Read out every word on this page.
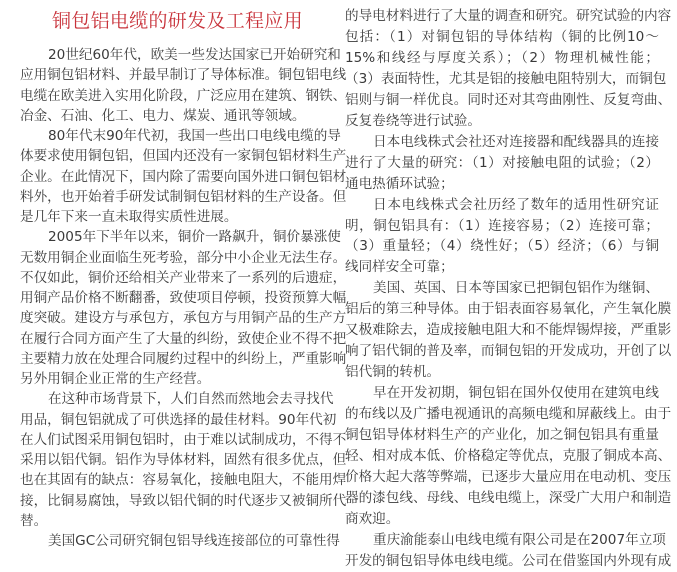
铜包铝电缆的研发及工程应用
20世纪60年代，欧美一些发达国家已开始研究和
应用铜包铝材料、并最早制订了导体标准。铜包铝电线
电缆在欧美进入实用化阶段，广泛应用在建筑、钢铁、
冶金、石油、化工、电力、煤炭、通讯等领域。
80年代末90年代初，我国一些出口电线电缆的导
体要求使用铜包铝，但国内还没有一家铜包铝材料生产
企业。在此情况下，国内除了需要向国外进口铜包铝材
料外，也开始着手研发试制铜包铝材料的生产设备。但
是几年下来一直未取得实质性进展。
2005年下半年以来，铜价一路飙升，铜价暴涨使
无数用铜企业面临生死考验，部分中小企业无法生存。
不仅如此，铜价还给相关产业带来了一系列的后遗症，
用铜产品价格不断翻番，致使项目停顿，投资预算大幅
度突破。建设方与承包方，承包方与用铜产品的生产方
在履行合同方面产生了大量的纠纷，致使企业不得不把
主要精力放在处理合同履约过程中的纠纷上，严重影响
另外用铜企业正常的生产经营。
在这种市场背景下，人们自然而然地会去寻找代
用品，铜包铝就成了可供选择的最佳材料。90年代初
在人们试图采用铜包铝时，由于难以试制成功，不得不
采用以铝代铜。铝作为导体材料，固然有很多优点，但
也在其固有的缺点：容易氧化，接触电阻大，不能用焊
接，比铜易腐蚀，导致以铝代铜的时代逐步又被铜所代
替。
美国GC公司研究铜包铝导线连接部位的可靠性得
的导电材料进行了大量的调查和研究。研究试验的内容
包括：（1）对铜包铝的导体结构（铜的比例10～
15%和线经与厚度关系）；（2）物理机械性能；
（3）表面特性，尤其是铝的接触电阻特别大，而铜包
铝则与铜一样优良。同时还对其弯曲刚性、反复弯曲、
反复卷绕等进行试验。
日本电线株式会社还对连接器和配线器具的连接
进行了大量的研究：（1）对接触电阻的试验；（2）
通电热循环试验；
日本电线株式会社历经了数年的适用性研究证
明，铜包铝具有：（1）连接容易；（2）连接可靠；
（3）重量轻；（4）绕性好；（5）经济；（6）与铜
线同样安全可靠；
美国、英国、日本等国家已把铜包铝作为继铜、
铝后的第三种导体。由于铝表面容易氧化，产生氧化膜
又极难除去，造成接触电阻大和不能焊锡焊接，严重影
响了铝代铜的普及率，而铜包铝的开发成功，开创了以
铝代铜的转机。
早在开发初期，铜包铝在国外仅使用在建筑电线
的布线以及广播电视通讯的高频电缆和屏蔽线上。由于
铜包铝导体材料生产的产业化，加之铜包铝具有重量
轻、相对成本低、价格稳定等优点，克服了铜成本高、
价格大起大落等弊端，已逐步大量应用在电动机、变压
器的漆包线、母线、电线电缆上，深受广大用户和制造
商欢迎。
重庆渝能泰山电线电缆有限公司是在2007年立项
开发的铜包铝导体电线电缆。公司在借鉴国内外现有成
